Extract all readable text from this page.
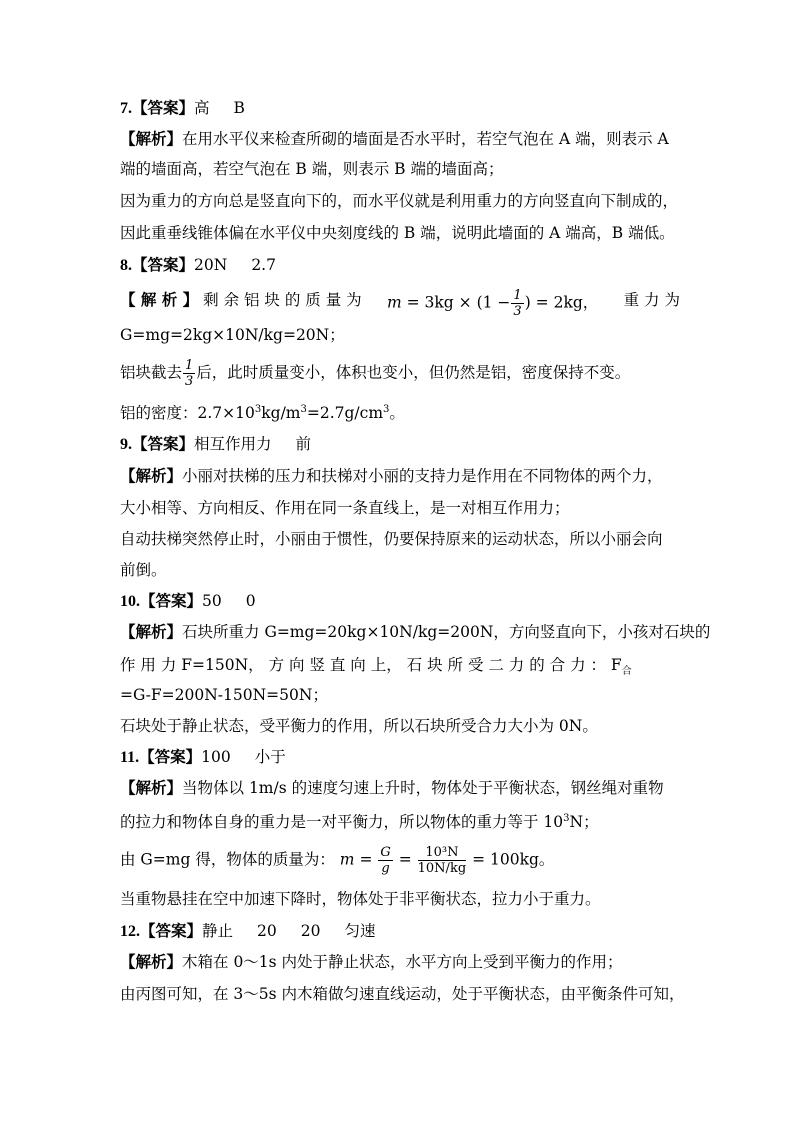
7.【答案】高 B
【解析】在用水平仪来检查所砌的墙面是否水平时，若空气泡在 A 端，则表示 A
端的墙面高，若空气泡在 B 端，则表示 B 端的墙面高；
因为重力的方向总是竖直向下的，而水平仪就是利用重力的方向竖直向下制成的，
因此重垂线锥体偏在水平仪中央刻度线的 B 端，说明此墙面的 A 端高，B 端低。
8.【答案】20N 2.7
【 解 析 】 剩 余 铝 块 的 质 量 为 $m = 3kg \times (1 - \frac{1}{3}$ ) = 2kg， 重 力 为
G=mg=2kg×10N/kg=20N；
铝块截去 $\frac{1}{3}$ 后，此时质量变小，体积也变小，但仍然是铝，密度保持不变。
铝的密度：$2.7\times 10^3kg/m^3=2.7g/cm^3$。
9.【答案】相互作用力 前
【解析】小丽对扶梯的压力和扶梯对小丽的支持力是作用在不同物体的两个力，
大小相等、方向相反、作用在同一条直线上，是一对相互作用力；
自动扶梯突然停止时，小丽由于惯性，仍要保持原来的运动状态，所以小丽会向
前倒。
10.【答案】50 0
【解析】石块所重力 G=mg=20kg×10N/kg=200N，方向竖直向下，小孩对石块的
作 用 力 F=150N， 方 向 竖 直 向 上， 石 块 所 受 二 力 的 合 力 ： $F_合$
=G-F=200N-150N=50N；
石块处于静止状态，受平衡力的作用，所以石块所受合力大小为 0N。
11.【答案】100 小于
【解析】当物体以 1m/s 的速度匀速上升时，物体处于平衡状态，钢丝绳对重物
的拉力和物体自身的重力是一对平衡力，所以物体的重力等于 $10^3N$；
由 G=mg 得，物体的质量为： $m = \frac{G}{g} = \frac{\text{10³N}}{10N/kg} = 100kg$。
当重物悬挂在空中加速下降时，物体处于非平衡状态，拉力小于重力。
12.【答案】静止 20 20 匀速
【解析】木箱在 0～1s 内处于静止状态，水平方向上受到平衡力的作用；
由丙图可知，在 3～5s 内木箱做匀速直线运动，处于平衡状态，由平衡条件可知，
